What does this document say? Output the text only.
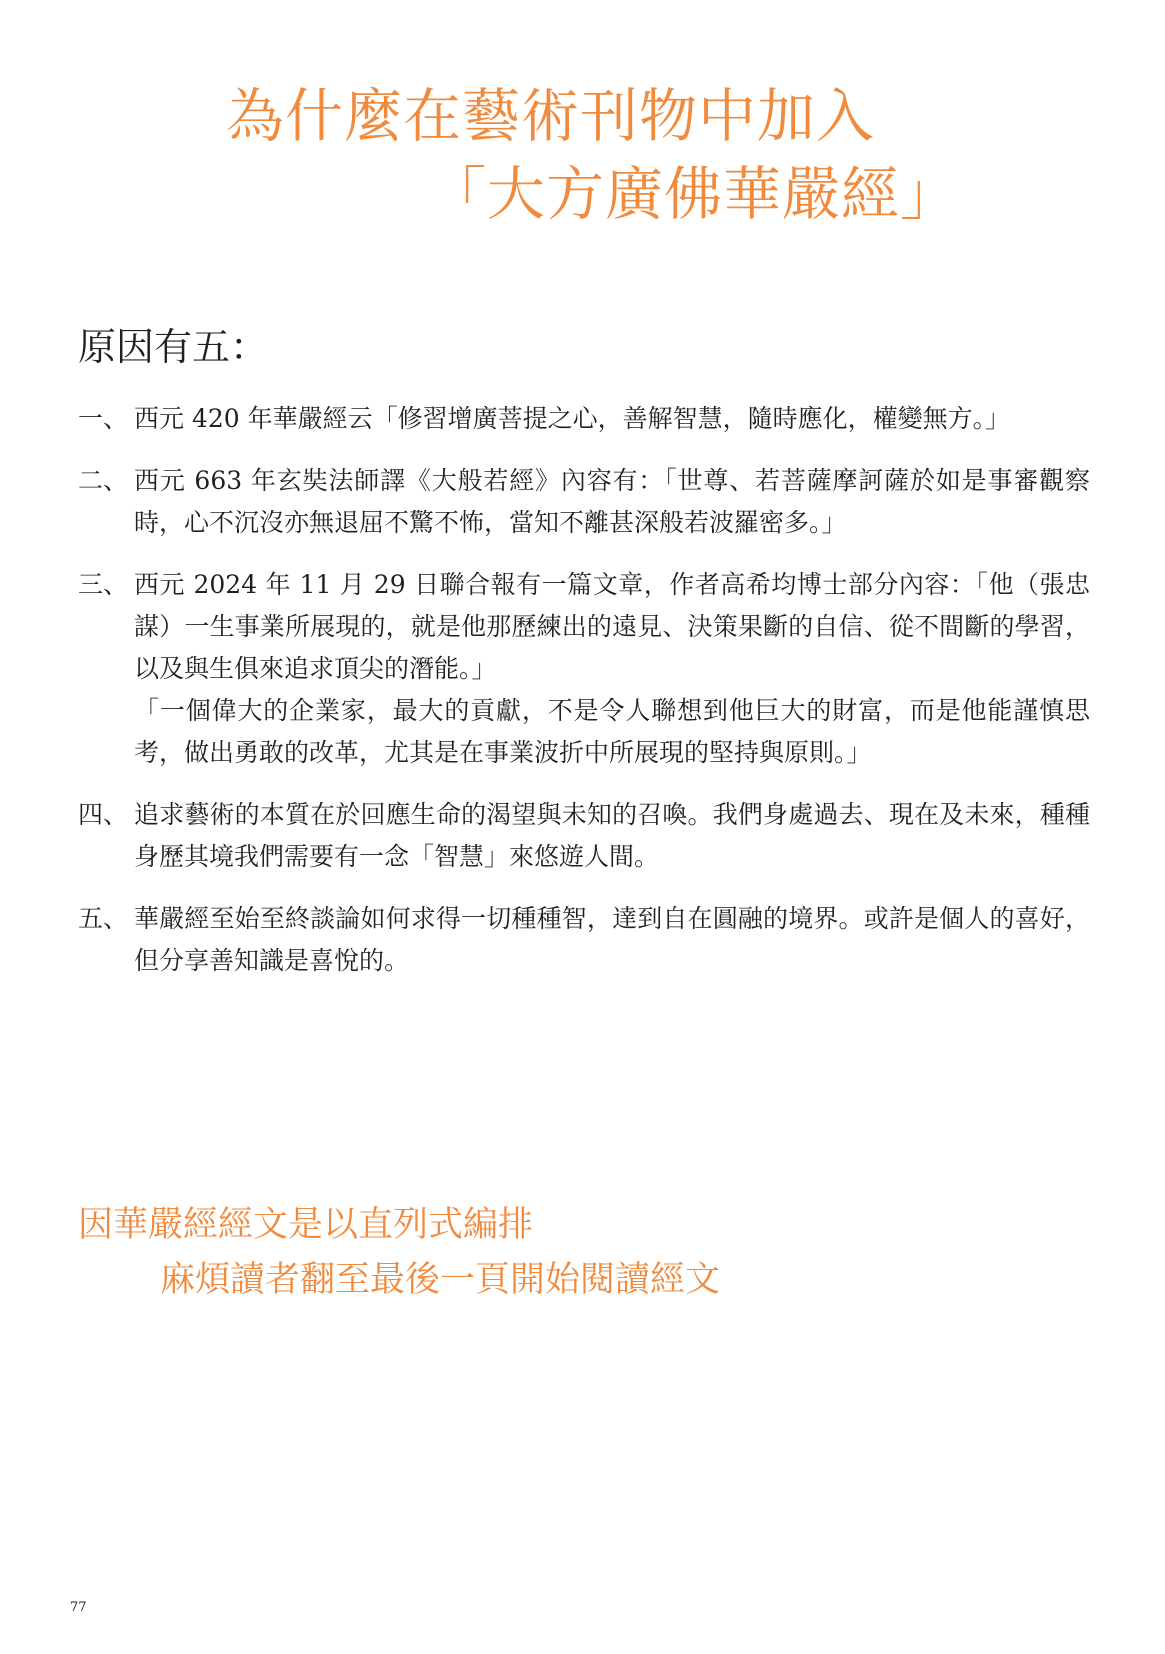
為什麼在藝術刊物中加入
「大方廣佛華嚴經」
原因有五：
一、 西元 420 年華嚴經云「修習增廣菩提之心，善解智慧，隨時應化，權變無方。」

二、 西元 663 年玄奘法師譯《大般若經》內容有：「世尊、若菩薩摩訶薩於如是事審觀察時，心不沉沒亦無退屈不驚不怖，當知不離甚深般若波羅密多。」

三、 西元 2024 年 11 月 29 日聯合報有一篇文章，作者高希均博士部分內容：「他（張忠謀）一生事業所展現的，就是他那歷練出的遠見、決策果斷的自信、從不間斷的學習，以及與生俱來追求頂尖的潛能。」

「一個偉大的企業家，最大的貢獻，不是令人聯想到他巨大的財富，而是他能謹慎思考，做出勇敢的改革，尤其是在事業波折中所展現的堅持與原則。」

四、 追求藝術的本質在於回應生命的渴望與未知的召喚。我們身處過去、現在及未來，種種身歷其境我們需要有一念「智慧」來悠遊人間。

五、 華嚴經至始至終談論如何求得一切種種智，達到自在圓融的境界。或許是個人的喜好，但分享善知識是喜悅的。

因華嚴經經文是以直列式編排
麻煩讀者翻至最後一頁開始閱讀經文
77
